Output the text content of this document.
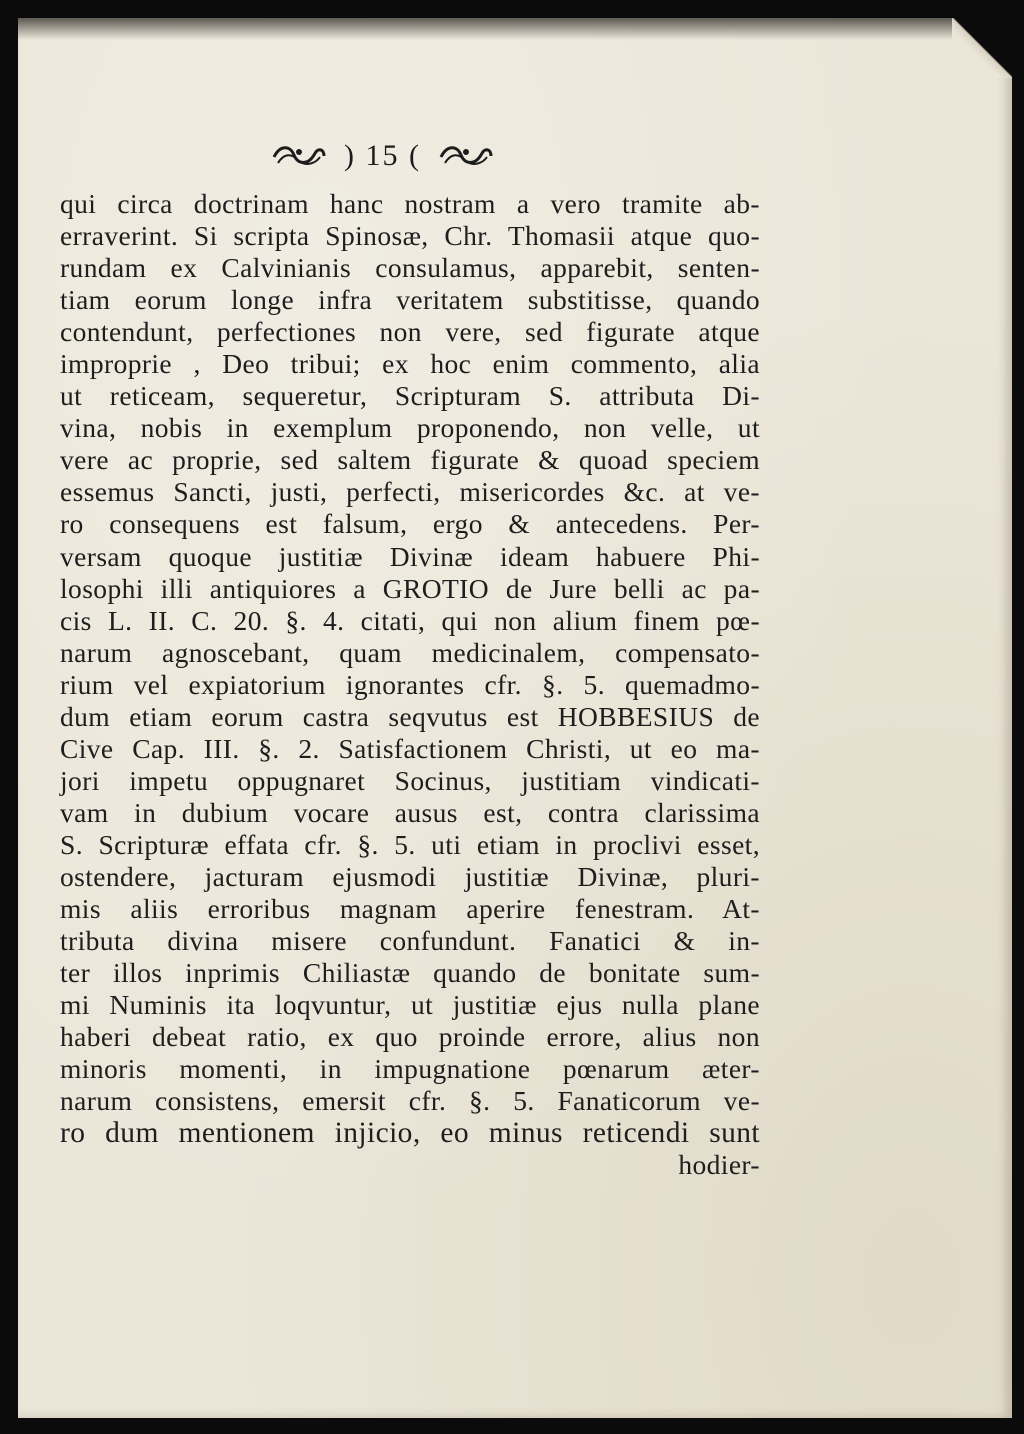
) 15 (
qui circa doctrinam hanc nostram a vero tramite ab-
erraverint. Si scripta Spinosæ, Chr. Thomasii atque quo-
rundam ex Calvinianis consulamus, apparebit, senten-
tiam eorum longe infra veritatem substitisse, quando
contendunt, perfectiones non vere, sed figurate atque
improprie , Deo tribui; ex hoc enim commento, alia
ut reticeam, sequeretur, Scripturam S. attributa Di-
vina, nobis in exemplum proponendo, non velle, ut
vere ac proprie, sed saltem figurate & quoad speciem
essemus Sancti, justi, perfecti, misericordes &c. at ve-
ro consequens est falsum, ergo & antecedens. Per-
versam quoque justitiæ Divinæ ideam habuere Phi-
losophi illi antiquiores a GROTIO de Jure belli ac pa-
cis L. II. C. 20. §. 4. citati, qui non alium finem pœ-
narum agnoscebant, quam medicinalem, compensato-
rium vel expiatorium ignorantes cfr. §. 5. quemadmo-
dum etiam eorum castra seqvutus est HOBBESIUS de
Cive Cap. III. §. 2. Satisfactionem Christi, ut eo ma-
jori impetu oppugnaret Socinus, justitiam vindicati-
vam in dubium vocare ausus est, contra clarissima
S. Scripturæ effata cfr. §. 5. uti etiam in proclivi esset,
ostendere, jacturam ejusmodi justitiæ Divinæ, pluri-
mis aliis erroribus magnam aperire fenestram. At-
tributa divina misere confundunt. Fanatici & in-
ter illos inprimis Chiliastæ quando de bonitate sum-
mi Numinis ita loqvuntur, ut justitiæ ejus nulla plane
haberi debeat ratio, ex quo proinde errore, alius non
minoris momenti, in impugnatione pœnarum æter-
narum consistens, emersit cfr. §. 5. Fanaticorum ve-
ro dum mentionem injicio, eo minus reticendi sunt
hodier-
